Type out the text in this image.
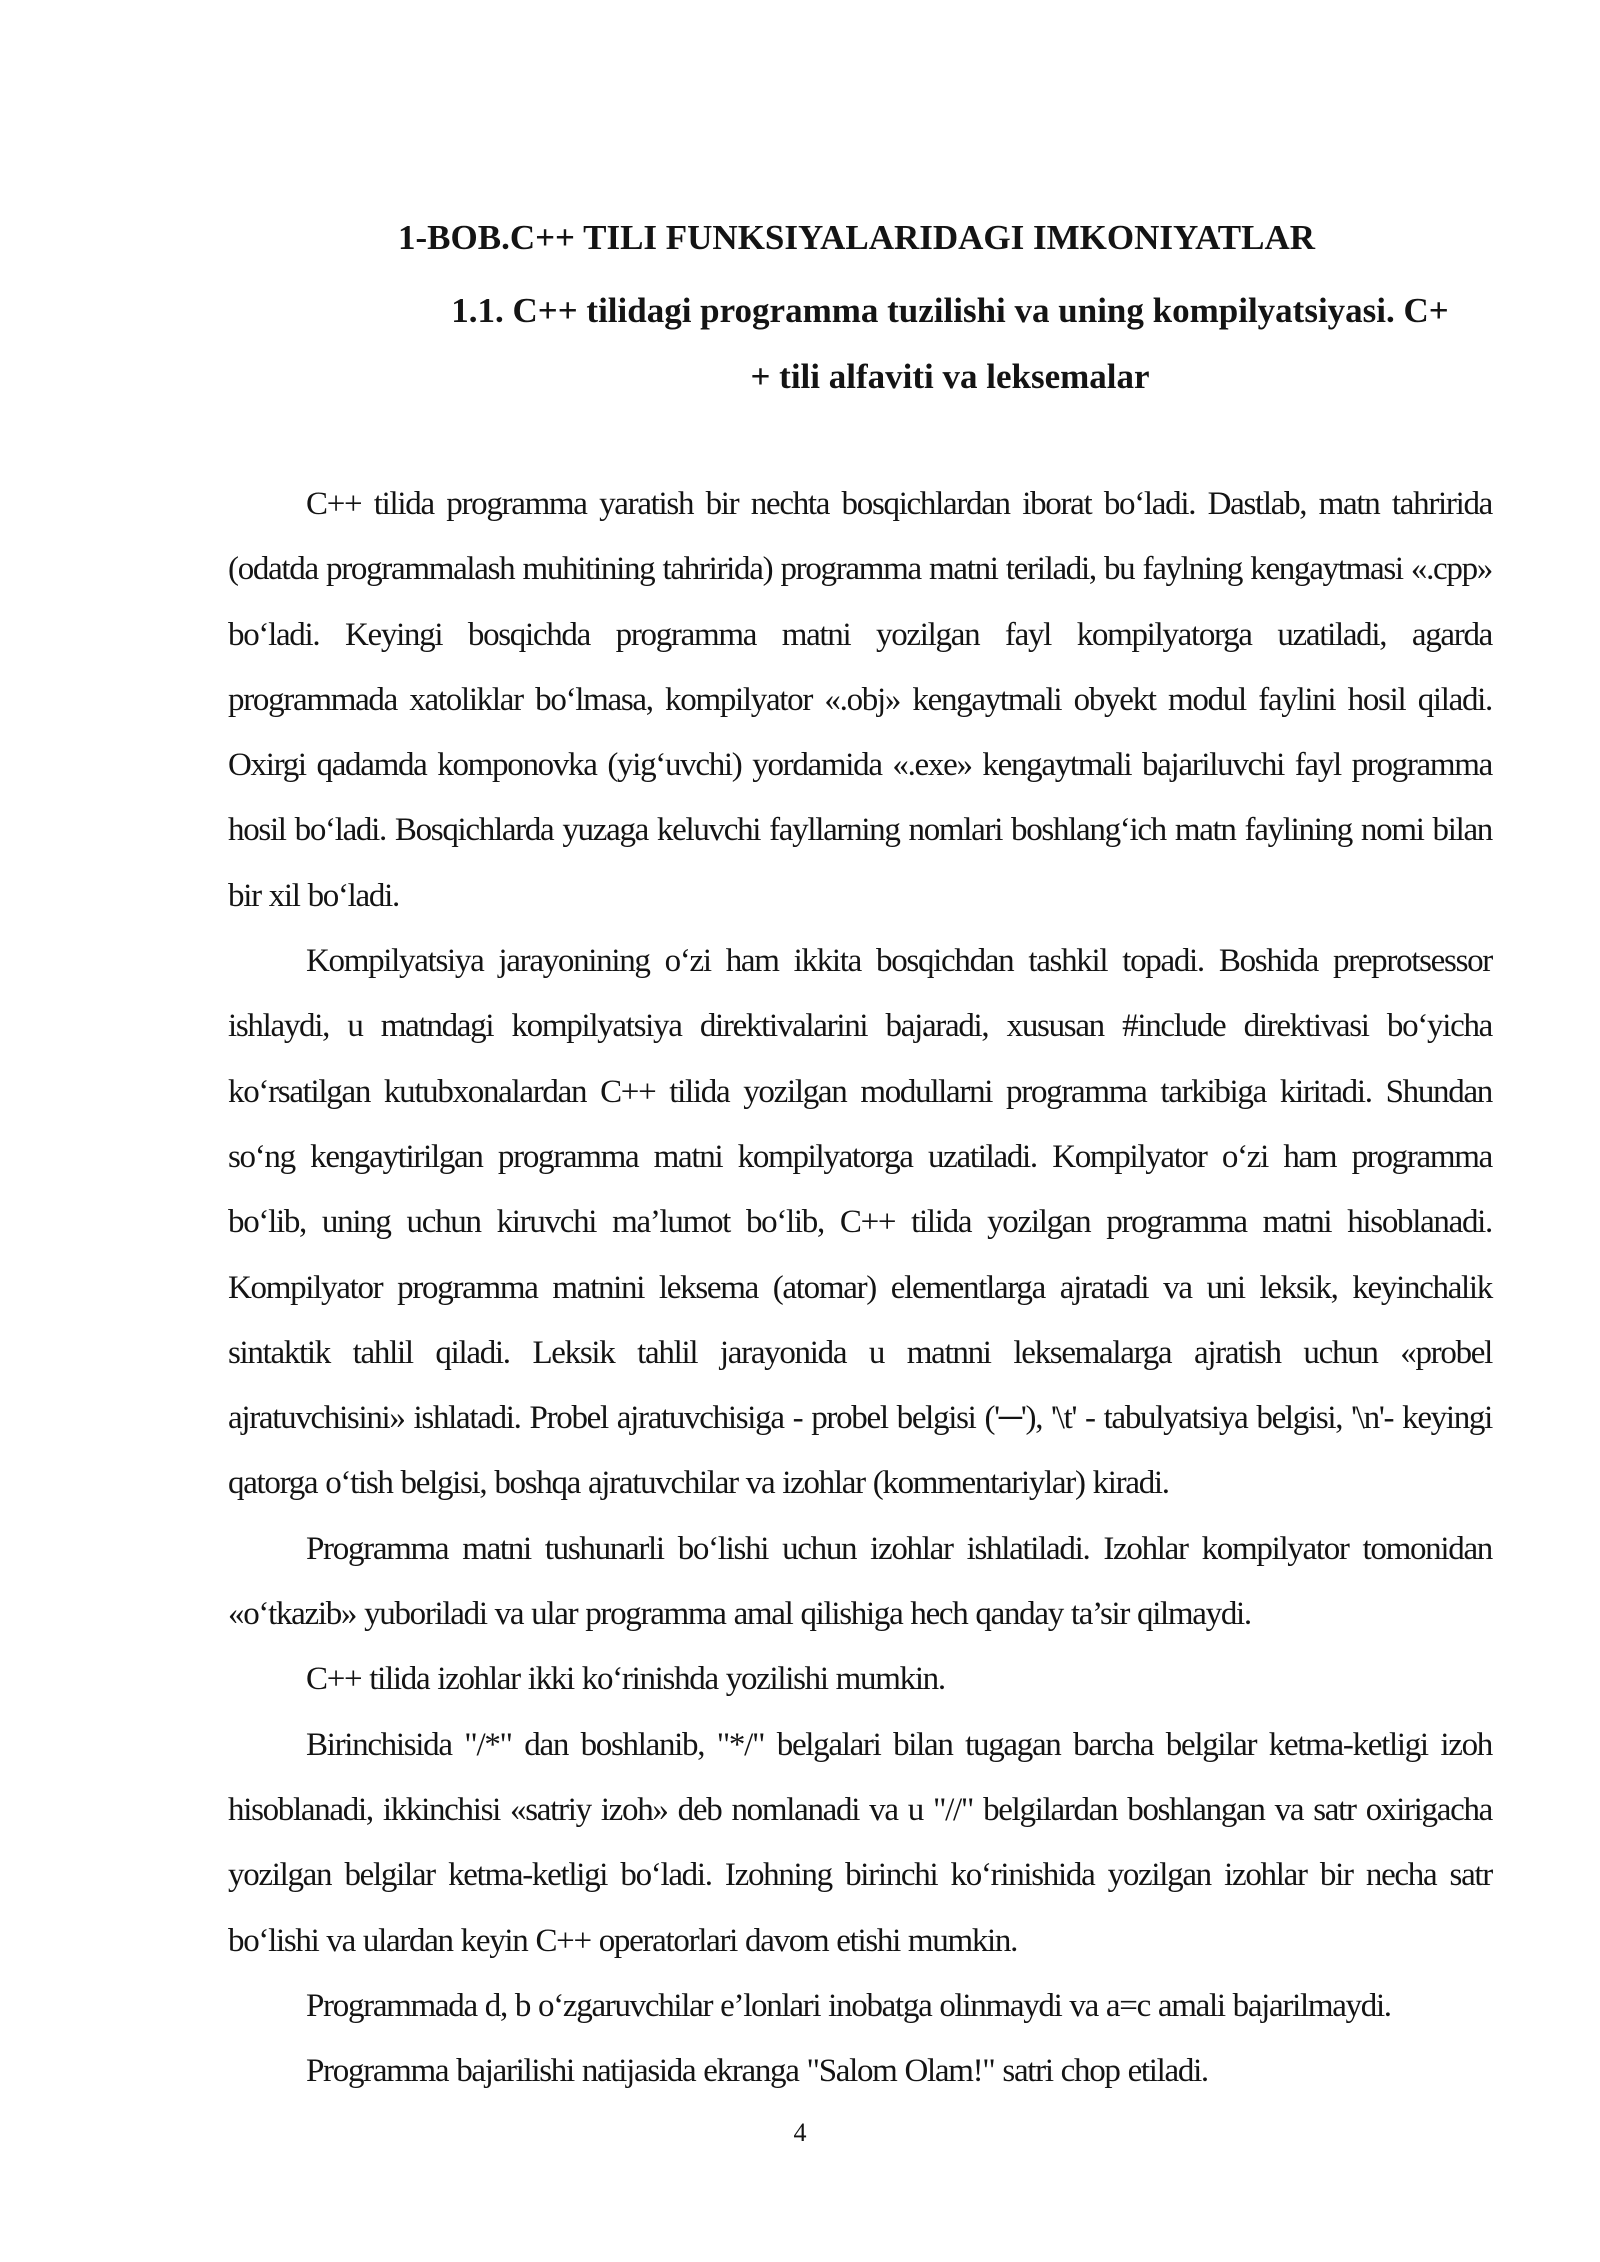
1-BOB.C++ TILI FUNKSIYALARIDAGI IMKONIYATLAR
1.1. C++ tilidagi programma tuzilishi va uning kompilyatsiyasi. C+
+ tili alfaviti va leksemalar

C++ tilida programma yaratish bir nechta bosqichlardan iborat bo‘ladi. Dastlab, matn tahririda (odatda programmalash muhitining tahririda) programma matni teriladi, bu faylning kengaytmasi «.cpp» bo‘ladi. Keyingi bosqichda programma matni yozilgan fayl kompilyatorga uzatiladi, agarda programmada xatoliklar bo‘lmasa, kompilyator «.obj» kengaytmali obyekt modul faylini hosil qiladi. Oxirgi qadamda komponovka (yig‘uvchi) yordamida «.exe» kengaytmali bajariluvchi fayl programma hosil bo‘ladi. Bosqichlarda yuzaga keluvchi fayllarning nomlari boshlang‘ich matn faylining nomi bilan bir xil bo‘ladi.

Kompilyatsiya jarayonining o‘zi ham ikkita bosqichdan tashkil topadi. Boshida preprotsessor ishlaydi, u matndagi kompilyatsiya direktivalarini bajaradi, xususan #include direktivasi bo‘yicha ko‘rsatilgan kutubxonalardan C++ tilida yozilgan modullarni programma tarkibiga kiritadi. Shundan so‘ng kengaytirilgan programma matni kompilyatorga uzatiladi. Kompilyator o‘zi ham programma bo‘lib, uning uchun kiruvchi ma’lumot bo‘lib, C++ tilida yozilgan programma matni hisoblanadi. Kompilyator programma matnini leksema (atomar) elementlarga ajratadi va uni leksik, keyinchalik sintaktik tahlil qiladi. Leksik tahlil jarayonida u matnni leksemalarga ajratish uchun «probel ajratuvchisini» ishlatadi. Probel ajratuvchisiga - probel belgisi ('─'), '\t' - tabulyatsiya belgisi, '\n'- keyingi qatorga o‘tish belgisi, boshqa ajratuvchilar va izohlar (kommentariylar) kiradi.

Programma matni tushunarli bo‘lishi uchun izohlar ishlatiladi. Izohlar kompilyator tomonidan «o‘tkazib» yuboriladi va ular programma amal qilishiga hech qanday ta’sir qilmaydi.

C++ tilida izohlar ikki ko‘rinishda yozilishi mumkin.

Birinchisida "/*" dan boshlanib, "*/" belgalari bilan tugagan barcha belgilar ketma-ketligi izoh hisoblanadi, ikkinchisi «satriy izoh» deb nomlanadi va u "//" belgilardan boshlangan va satr oxirigacha yozilgan belgilar ketma-ketligi bo‘ladi. Izohning birinchi ko‘rinishida yozilgan izohlar bir necha satr bo‘lishi va ulardan keyin C++ operatorlari davom etishi mumkin.

Programmada d, b o‘zgaruvchilar e’lonlari inobatga olinmaydi va a=c amali bajarilmaydi.

Programma bajarilishi natijasida ekranga "Salom Olam!" satri chop etiladi.

4
